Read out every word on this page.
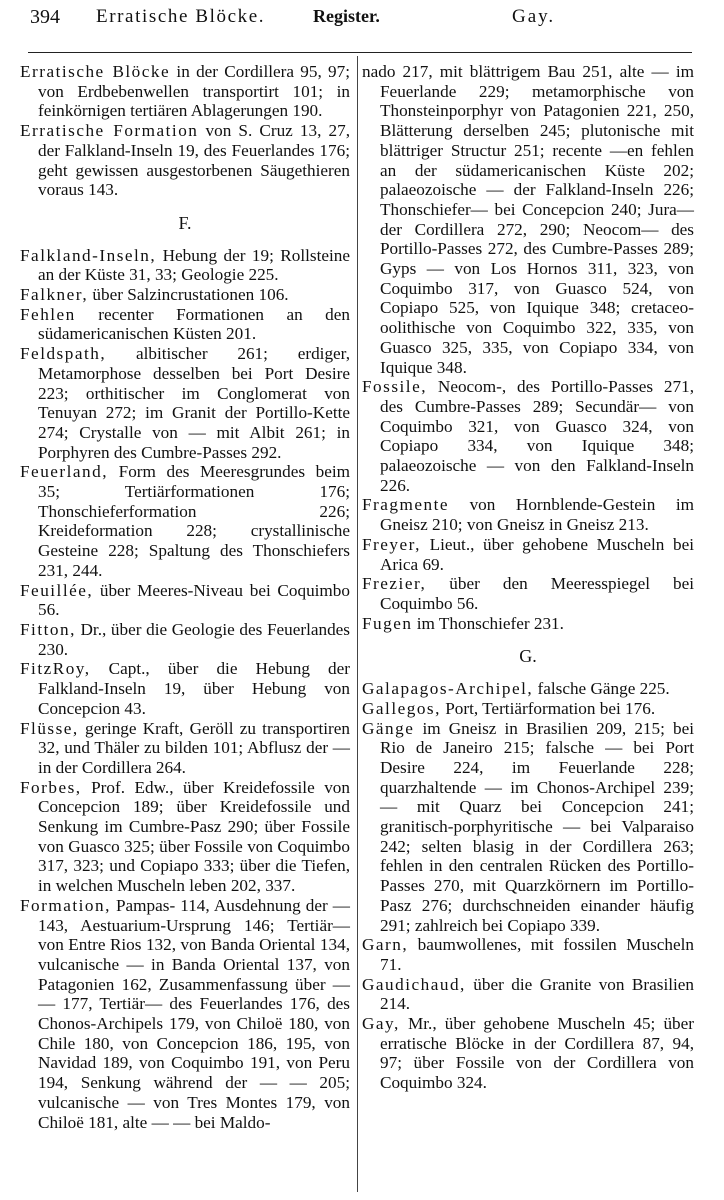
394 Erratische Blöcke.	Register.	Gay.

Erratische Blöcke in der Cordillera 95, 97; von Erdbebenwellen transportirt 101; in feinkörnigen tertiären Ablagerungen 190.

Erratische Formation von S. Cruz 13, 27, der Falkland-Inseln 19, des Feuerlandes 176; geht gewissen ausgestorbenen Säugethieren voraus 143.

F.

Falkland-Inseln, Hebung der 19; Rollsteine an der Küste 31, 33; Geologie 225.

Falkner, über Salzincrustationen 106.

Fehlen recenter Formationen an den südamericanischen Küsten 201.

Feldspath, albitischer 261; erdiger, Metamorphose desselben bei Port Desire 223; orthitischer im Conglomerat von Tenuyan 272; im Granit der Portillo-Kette 274; Crystalle von — mit Albit 261; in Porphyren des Cumbre-Passes 292.

Feuerland, Form des Meeresgrundes beim 35; Tertiärformationen 176; Thonschieferformation 226; Kreideformation 228; crystallinische Gesteine 228; Spaltung des Thonschiefers 231, 244.

Feuillée, über Meeres-Niveau bei Coquimbo 56.

Fitton, Dr., über die Geologie des Feuerlandes 230.

FitzRoy, Capt., über die Hebung der Falkland-Inseln 19, über Hebung von Concepcion 43.

Flüsse, geringe Kraft, Geröll zu transportiren 32, und Thäler zu bilden 101; Abflusz der — in der Cordillera 264.

Forbes, Prof. Edw., über Kreidefossile von Concepcion 189; über Kreidefossile und Senkung im Cumbre-Pasz 290; über Fossile von Guasco 325; über Fossile von Coquimbo 317, 323; und Copiapo 333; über die Tiefen, in welchen Muscheln leben 202, 337.

Formation, Pampas- 114, Ausdehnung der — 143, Aestuarium-Ursprung 146; Tertiär— von Entre Rios 132, von Banda Oriental 134, vulcanische — in Banda Oriental 137, von Patagonien 162, Zusammenfassung über — — 177, Tertiär— des Feuerlandes 176, des Chonos-Archipels 179, von Chiloë 180, von Chile 180, von Concepcion 186, 195, von Navidad 189, von Coquimbo 191, von Peru 194, Senkung während der — — 205; vulcanische — von Tres Montes 179, von Chiloë 181, alte — — bei Maldo-

nado 217, mit blättrigem Bau 251, alte — im Feuerlande 229; metamorphische von Thonsteinporphyr von Patagonien 221, 250, Blätterung derselben 245; plutonische mit blättriger Structur 251; recente —en fehlen an der südamericanischen Küste 202; palaeozoische — der Falkland-Inseln 226; Thonschiefer— bei Concepcion 240; Jura— der Cordillera 272, 290; Neocom— des Portillo-Passes 272, des Cumbre-Passes 289; Gyps — von Los Hornos 311, 323, von Coquimbo 317, von Guasco 524, von Copiapo 525, von Iquique 348; cretaceo-oolithische von Coquimbo 322, 335, von Guasco 325, 335, von Copiapo 334, von Iquique 348.

Fossile, Neocom-, des Portillo-Passes 271, des Cumbre-Passes 289; Secundär— von Coquimbo 321, von Guasco 324, von Copiapo 334, von Iquique 348; palaeozoische — von den Falkland-Inseln 226.

Fragmente von Hornblende-Gestein im Gneisz 210; von Gneisz in Gneisz 213.

Freyer, Lieut., über gehobene Muscheln bei Arica 69.

Frezier, über den Meeresspiegel bei Coquimbo 56.

Fugen im Thonschiefer 231.

G.

Galapagos-Archipel, falsche Gänge 225.

Gallegos, Port, Tertiärformation bei 176.

Gänge im Gneisz in Brasilien 209, 215; bei Rio de Janeiro 215; falsche — bei Port Desire 224, im Feuerlande 228; quarzhaltende — im Chonos-Archipel 239; — mit Quarz bei Concepcion 241; granitisch-porphyritische — bei Valparaiso 242; selten blasig in der Cordillera 263; fehlen in den centralen Rücken des Portillo-Passes 270, mit Quarzkörnern im Portillo-Pasz 276; durchschneiden einander häufig 291; zahlreich bei Copiapo 339.

Garn, baumwollenes, mit fossilen Muscheln 71.

Gaudichaud, über die Granite von Brasilien 214.

Gay, Mr., über gehobene Muscheln 45; über erratische Blöcke in der Cordillera 87, 94, 97; über Fossile von der Cordillera von Coquimbo 324.
